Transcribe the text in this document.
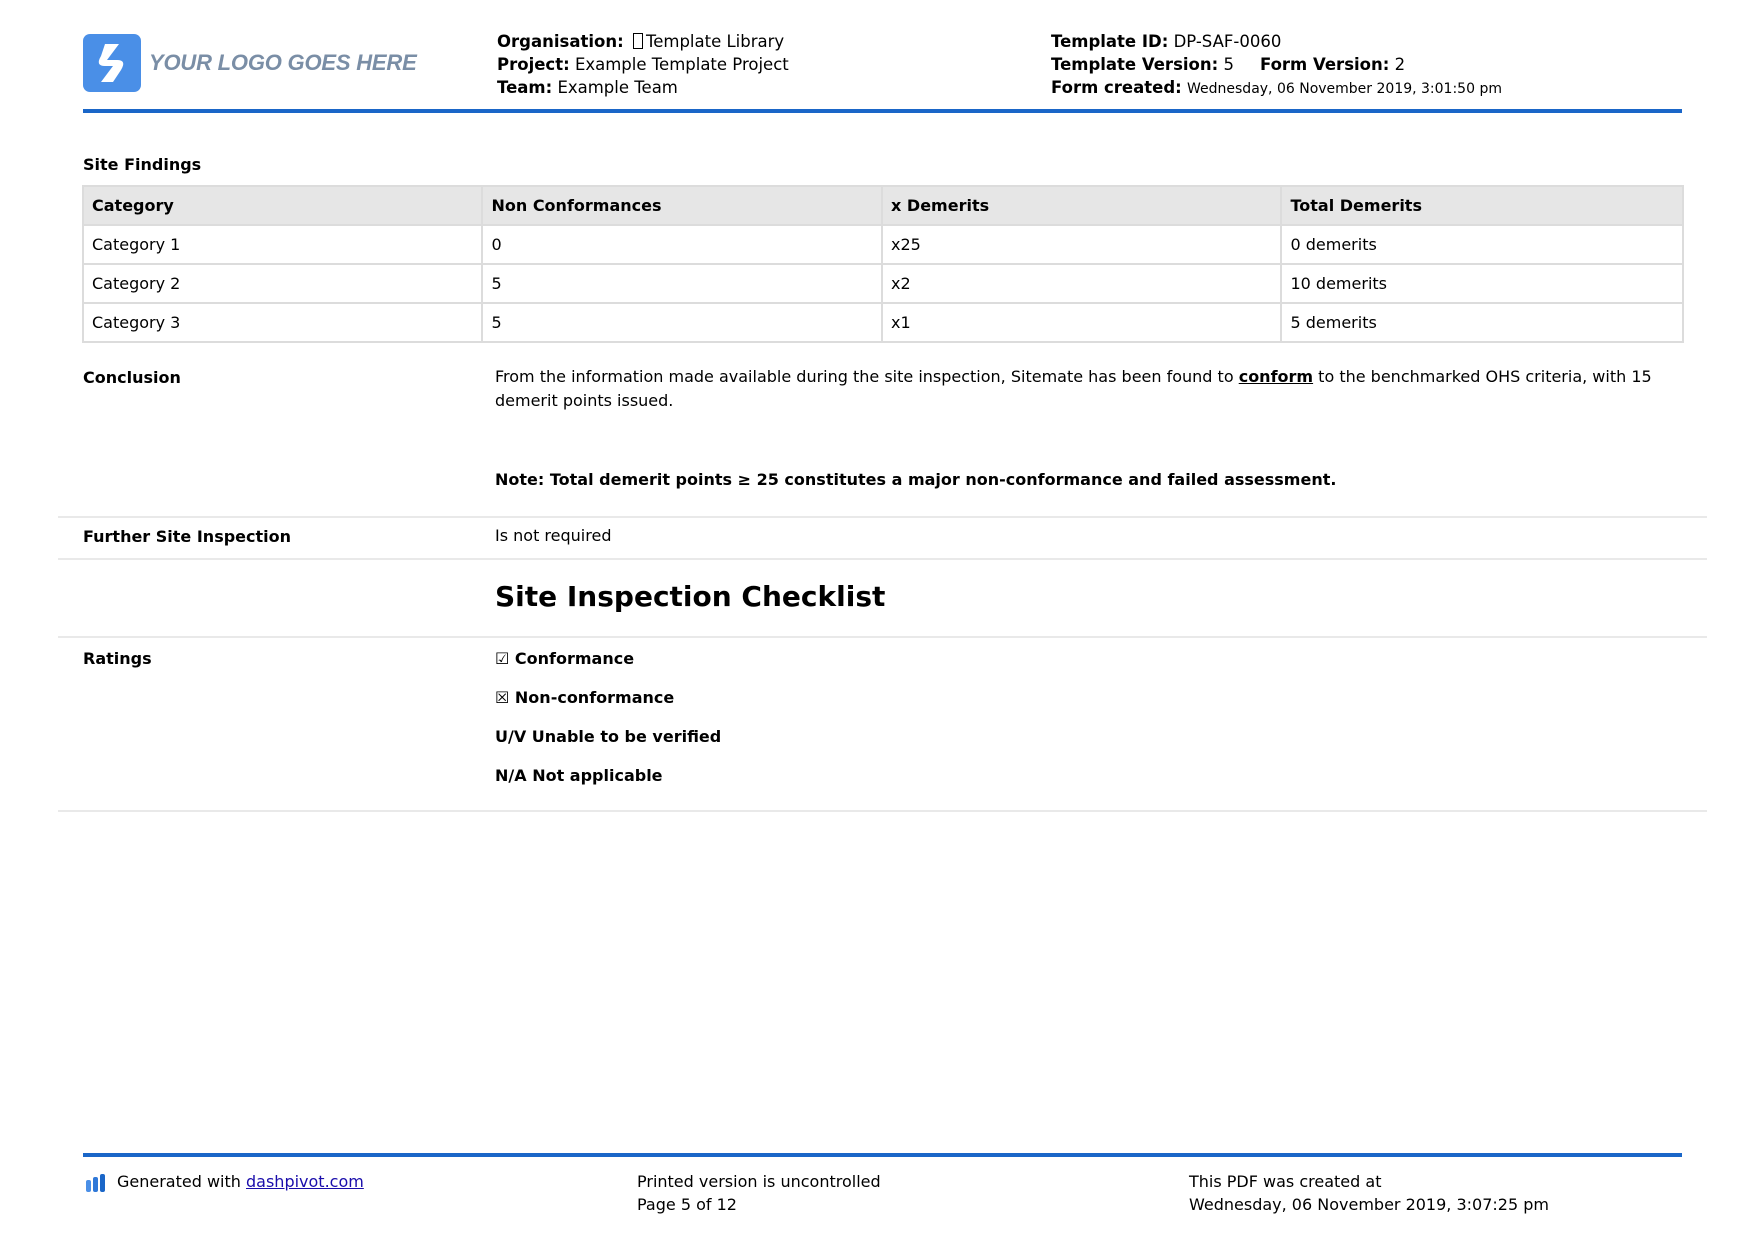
YOUR LOGO GOES HERE
Organisation: Template Library
Project: Example Template Project
Team: Example Team
Template ID: DP-SAF-0060
Template Version: 5 Form Version: 2
Form created: Wednesday, 06 November 2019, 3:01:50 pm
Site Findings
Category	Non Conformances	x Demerits	Total Demerits
Category 1	0	x25	0 demerits
Category 2	5	x2	10 demerits
Category 3	5	x1	5 demerits
Conclusion	From the information made available during the site inspection, Sitemate has been found to conform to the benchmarked OHS criteria, with 15 demerit points issued.
Note: Total demerit points ≥ 25 constitutes a major non-conformance and failed assessment.
Further Site Inspection	Is not required
Site Inspection Checklist
Ratings	☑ Conformance
☒ Non-conformance
U/V Unable to be verified
N/A Not applicable
Generated with dashpivot.com	Printed version is uncontrolled
Page 5 of 12
This PDF was created at
Wednesday, 06 November 2019, 3:07:25 pm
